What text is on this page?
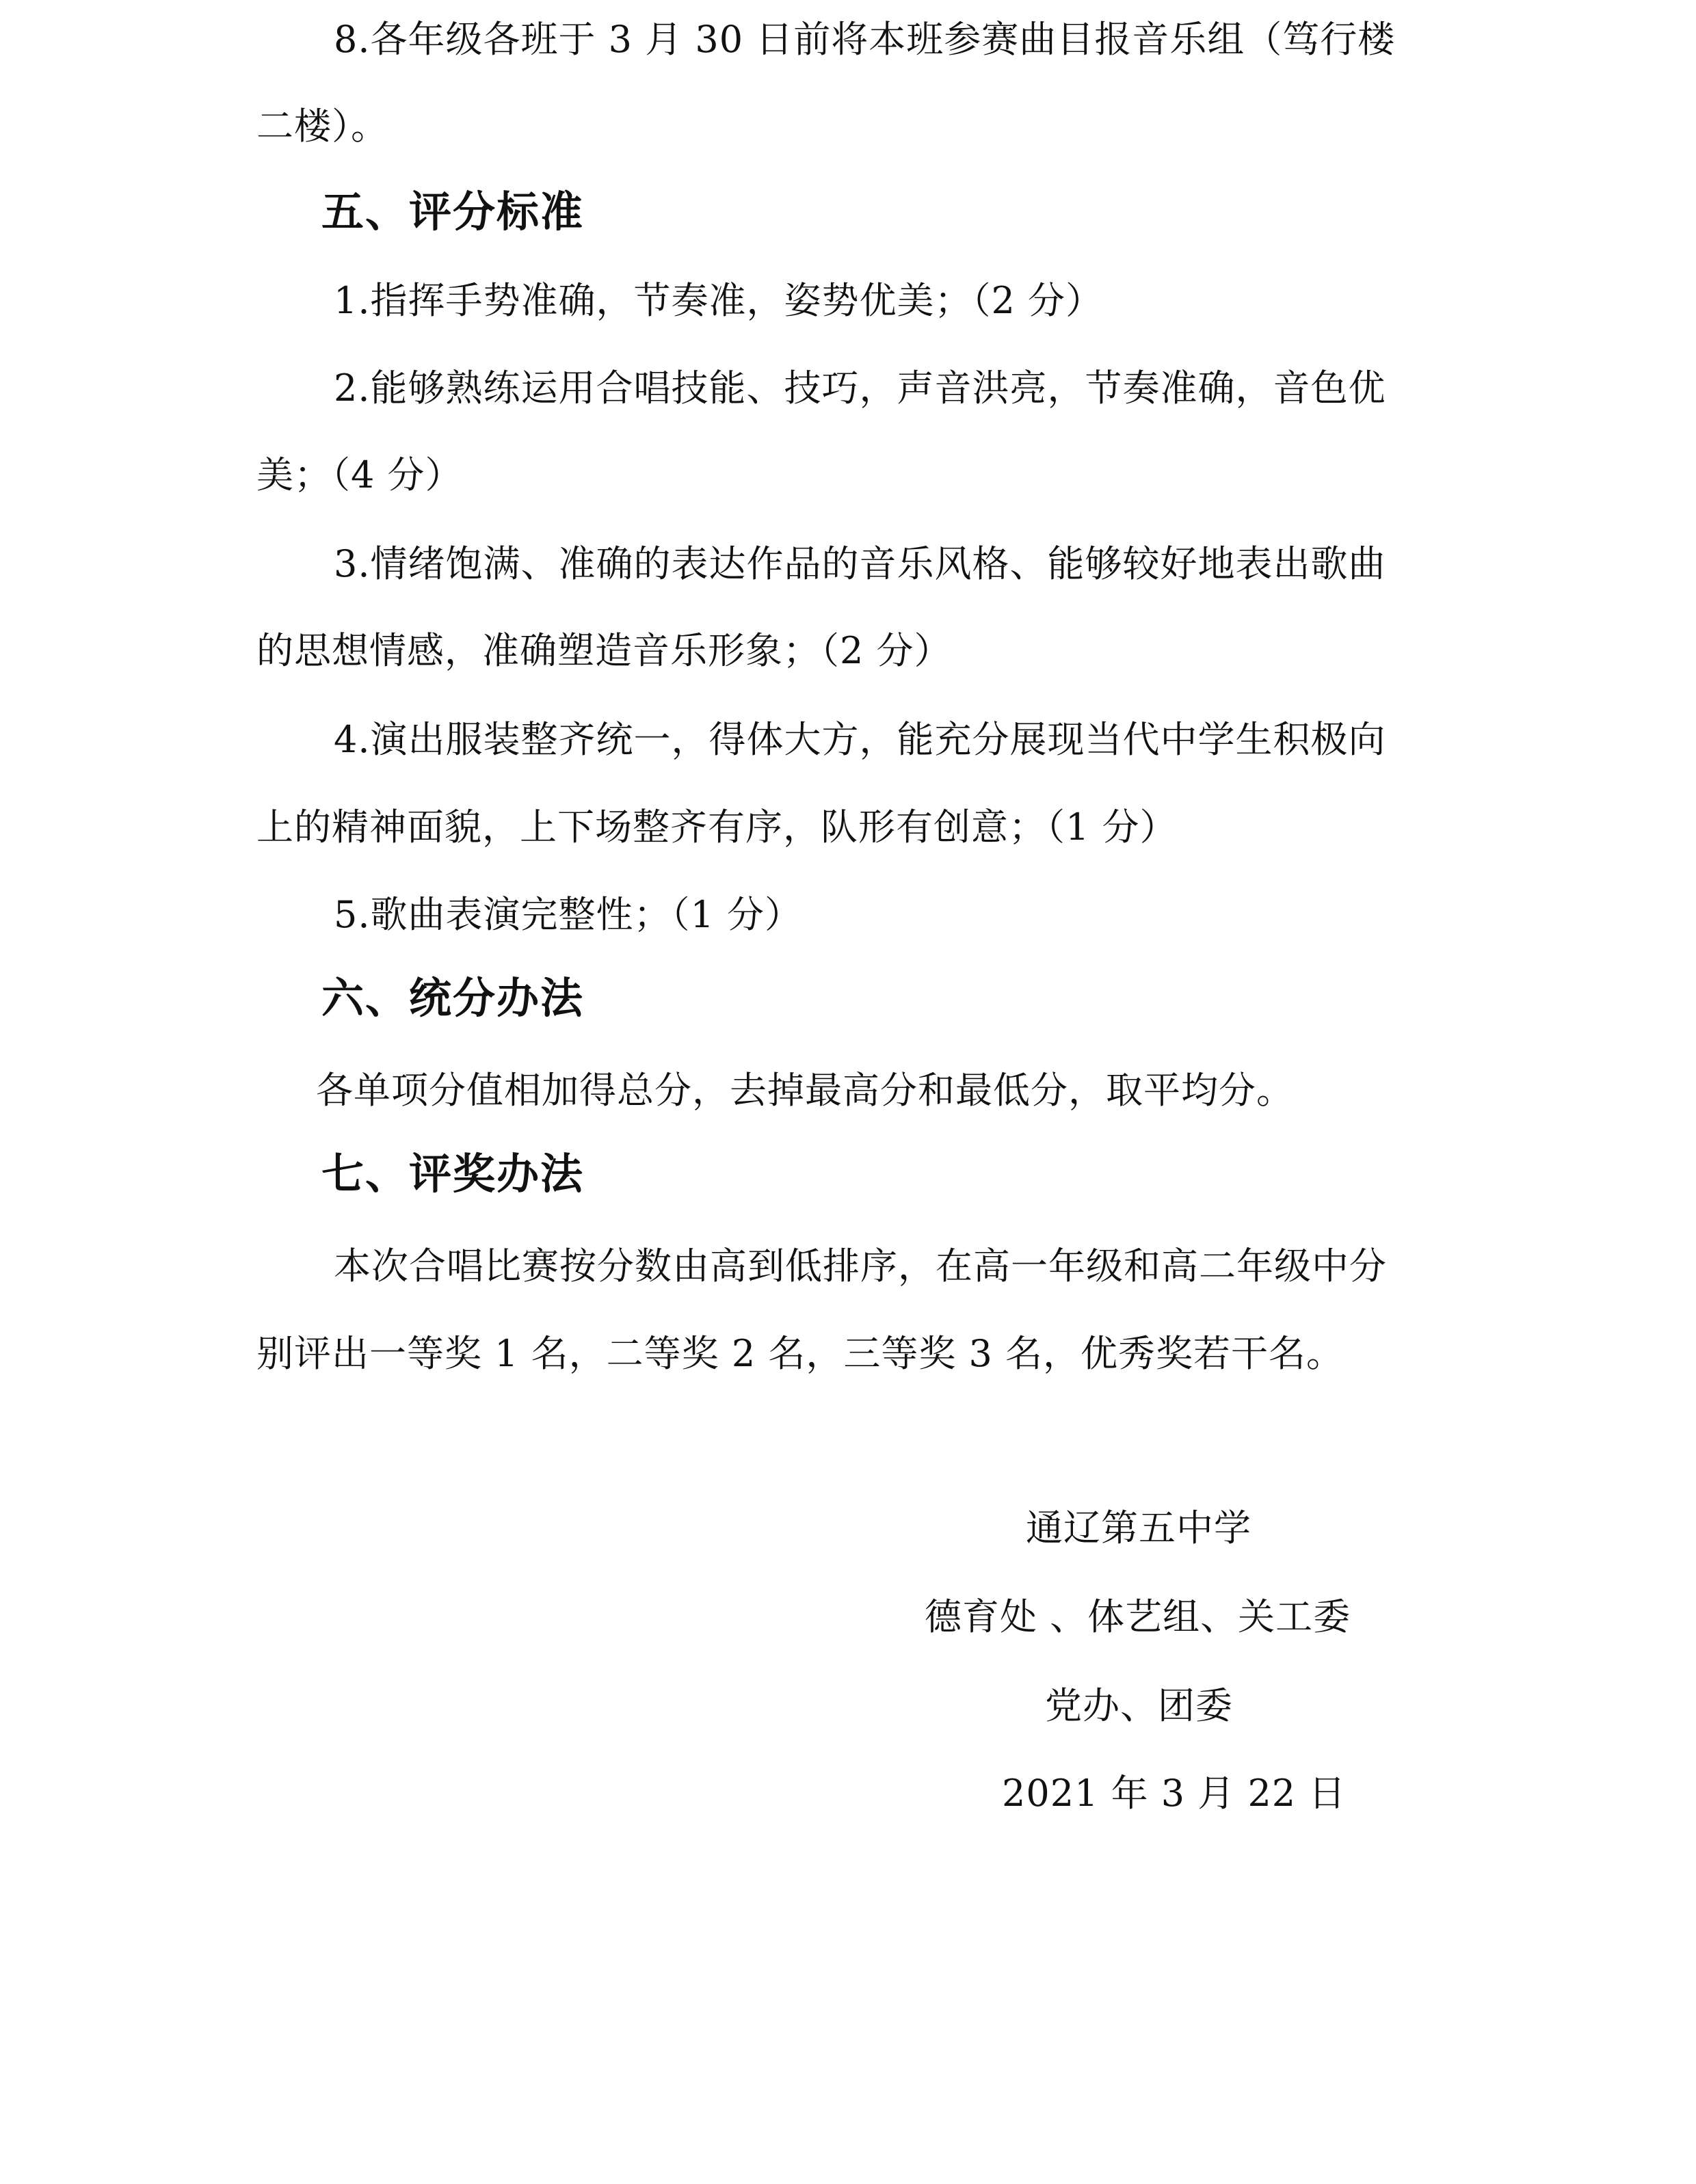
8.各年级各班于 3 月 30 日前将本班参赛曲目报音乐组（笃行楼
二楼）。
五、评分标准
1.指挥手势准确，节奏准，姿势优美；（2 分）
2.能够熟练运用合唱技能、技巧，声音洪亮，节奏准确，音色优
美；（4 分）
3.情绪饱满、准确的表达作品的音乐风格、能够较好地表出歌曲
的思想情感，准确塑造音乐形象；（2 分）
4.演出服装整齐统一，得体大方，能充分展现当代中学生积极向
上的精神面貌，上下场整齐有序，队形有创意；（1 分）
5.歌曲表演完整性；（1 分）
六、统分办法
各单项分值相加得总分，去掉最高分和最低分，取平均分。
七、评奖办法
本次合唱比赛按分数由高到低排序，在高一年级和高二年级中分
别评出一等奖 1 名，二等奖 2 名，三等奖 3 名，优秀奖若干名。
通辽第五中学
德育处 、体艺组、关工委
党办、团委
2021 年 3 月 22 日
